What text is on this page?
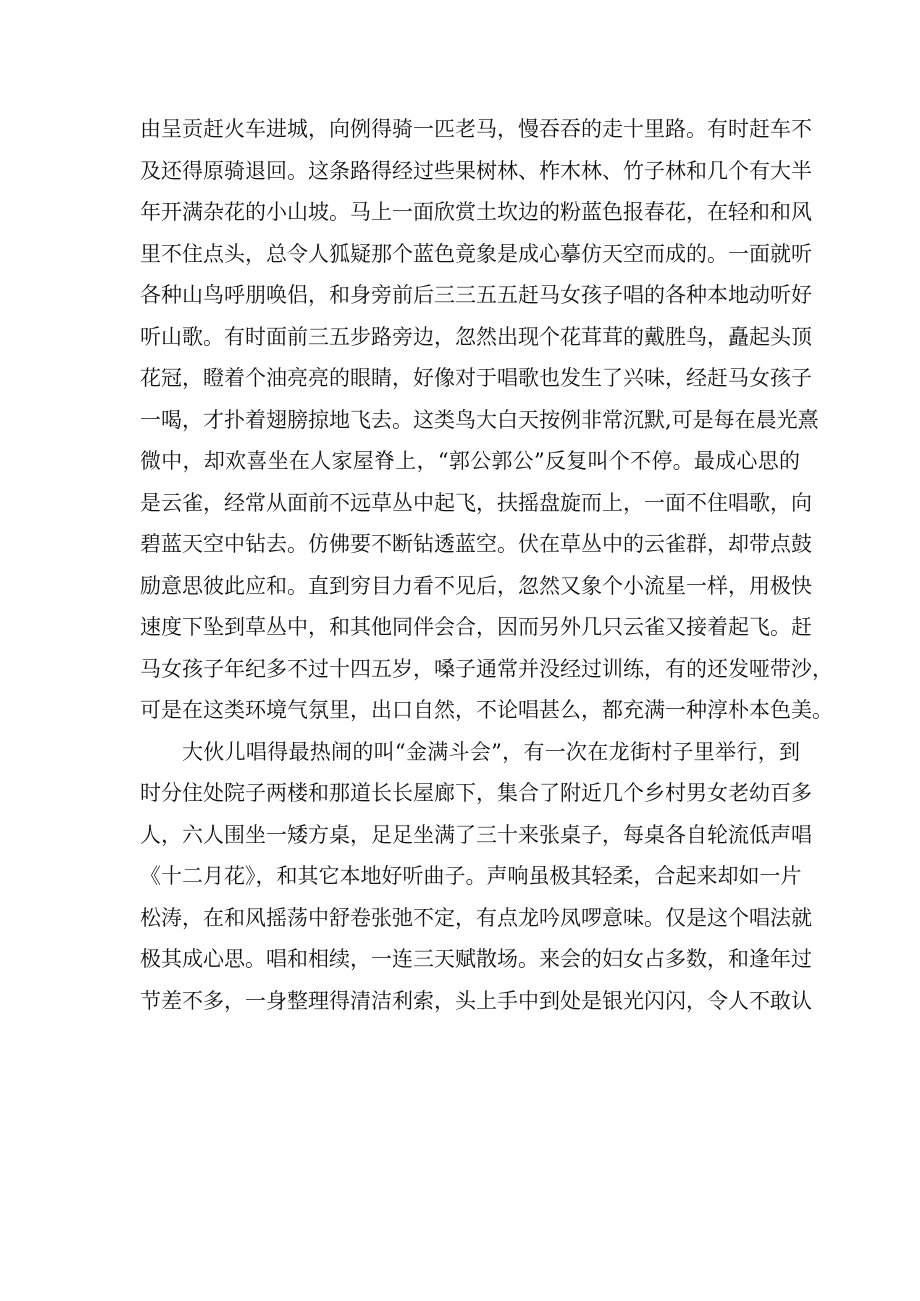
由呈贡赶火车进城，向例得骑一匹老马，慢吞吞的走十里路。有时赶车不
及还得原骑退回。这条路得经过些果树林、柞木林、竹子林和几个有大半
年开满杂花的小山坡。马上一面欣赏土坎边的粉蓝色报春花，在轻和和风
里不住点头，总令人狐疑那个蓝色竟象是成心摹仿天空而成的。一面就听
各种山鸟呼朋唤侣，和身旁前后三三五五赶马女孩子唱的各种本地动听好
听山歌。有时面前三五步路旁边，忽然出现个花茸茸的戴胜鸟，矗起头顶
花冠，瞪着个油亮亮的眼睛，好像对于唱歌也发生了兴味，经赶马女孩子
一喝，才扑着翅膀掠地飞去。这类鸟大白天按例非常沉默,可是每在晨光熹
微中，却欢喜坐在人家屋脊上，“郭公郭公”反复叫个不停。最成心思的
是云雀，经常从面前不远草丛中起飞，扶摇盘旋而上，一面不住唱歌，向
碧蓝天空中钻去。仿佛要不断钻透蓝空。伏在草丛中的云雀群，却带点鼓
励意思彼此应和。直到穷目力看不见后，忽然又象个小流星一样，用极快
速度下坠到草丛中，和其他同伴会合，因而另外几只云雀又接着起飞。赶
马女孩子年纪多不过十四五岁，嗓子通常并没经过训练，有的还发哑带沙，
可是在这类环境气氛里，出口自然，不论唱甚么，都充满一种淳朴本色美。
大伙儿唱得最热闹的叫“金满斗会”，有一次在龙街村子里举行，到
时分住处院子两楼和那道长长屋廊下，集合了附近几个乡村男女老幼百多
人，六人围坐一矮方桌，足足坐满了三十来张桌子，每桌各自轮流低声唱
《十二月花》，和其它本地好听曲子。声响虽极其轻柔，合起来却如一片
松涛，在和风摇荡中舒卷张弛不定，有点龙吟凤啰意味。仅是这个唱法就
极其成心思。唱和相续，一连三天赋散场。来会的妇女占多数，和逢年过
节差不多，一身整理得清洁利索，头上手中到处是银光闪闪，令人不敢认
